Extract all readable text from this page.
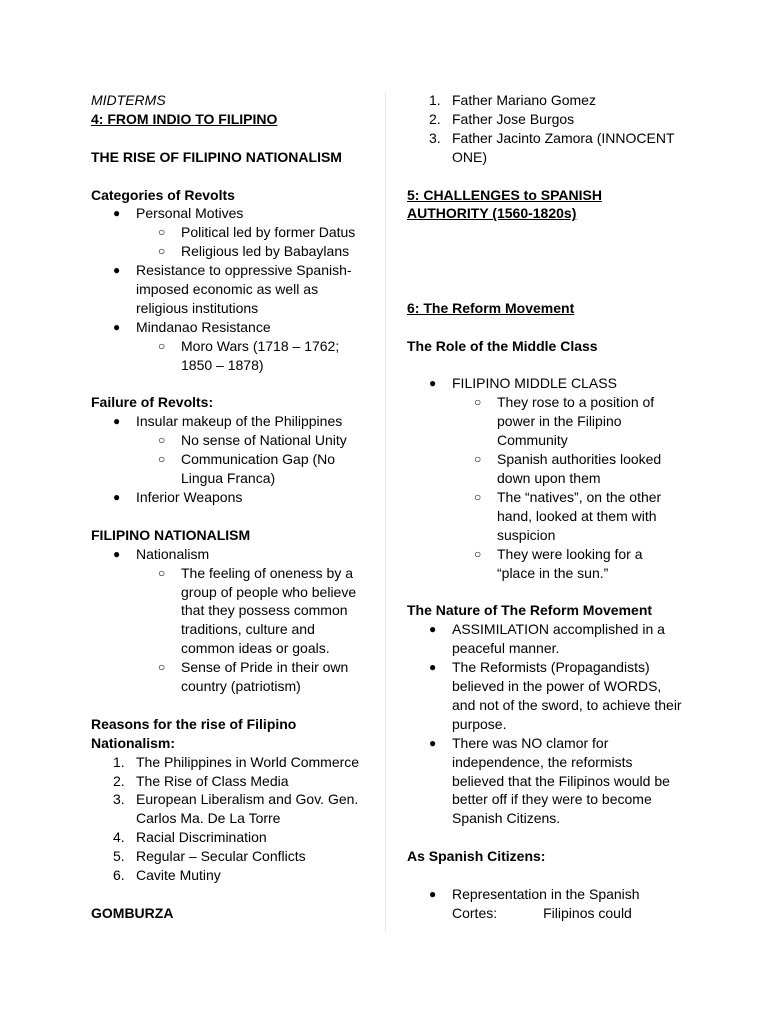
MIDTERMS

4: FROM INDIO TO FILIPINO

THE RISE OF FILIPINO NATIONALISM

Categories of Revolts

●	Personal Motives
○	Political led by former Datus
○	Religious led by Babaylans
●	Resistance to oppressive Spanish-imposed economic as well as religious institutions
●	Mindanao Resistance
○	Moro Wars (1718 – 1762; 1850 – 1878)

Failure of Revolts:

●	Insular makeup of the Philippines
○	No sense of National Unity
○	Communication Gap (No Lingua Franca)
●	Inferior Weapons

FILIPINO NATIONALISM

●	Nationalism
○	The feeling of oneness by a group of people who believe that they possess common traditions, culture and common ideas or goals.
○	Sense of Pride in their own country (patriotism)

Reasons for the rise of Filipino Nationalism:

1. The Philippines in World Commerce
2. The Rise of Class Media
3. European Liberalism and Gov. Gen. Carlos Ma. De La Torre
4. Racial Discrimination
5. Regular – Secular Conflicts
6. Cavite Mutiny

GOMBURZA

1. Father Mariano Gomez
2. Father Jose Burgos
3. Father Jacinto Zamora (INNOCENT ONE)

5: CHALLENGES to SPANISH AUTHORITY (1560-1820s)

6: The Reform Movement

The Role of the Middle Class

●	FILIPINO MIDDLE CLASS
○	They rose to a position of power in the Filipino Community
○	Spanish authorities looked down upon them
○	The “natives”, on the other hand, looked at them with suspicion
○	They were looking for a “place in the sun.”

The Nature of The Reform Movement

●	ASSIMILATION accomplished in a peaceful manner.
●	The Reformists (Propagandists) believed in the power of WORDS, and not of the sword, to achieve their purpose.
●	There was NO clamor for independence, the reformists believed that the Filipinos would be better off if they were to become Spanish Citizens.

As Spanish Citizens:

●	Representation in the Spanish Cortes:	Filipinos could
